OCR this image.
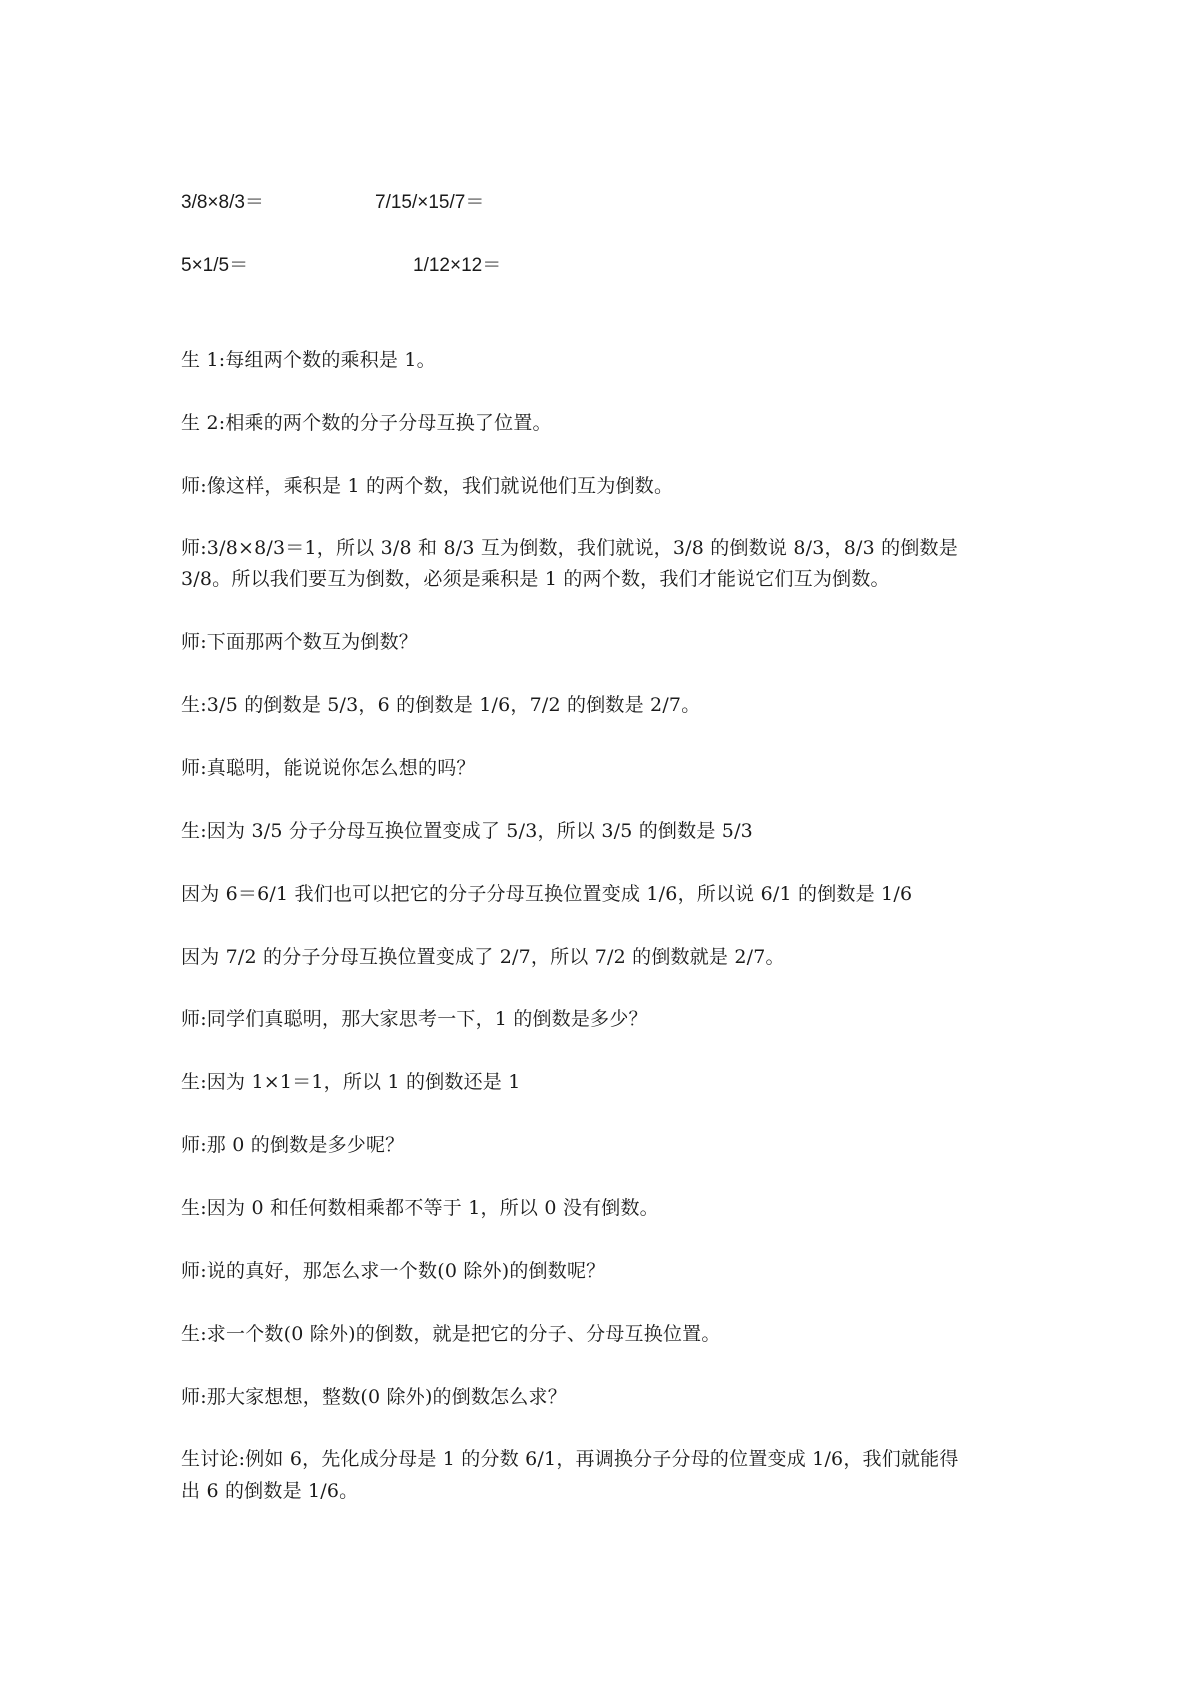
3/8×8/3＝	7/15/×15/7＝
5×1/5＝	1/12×12＝
生 1:每组两个数的乘积是 1。
生 2:相乘的两个数的分子分母互换了位置。
师:像这样，乘积是 1 的两个数，我们就说他们互为倒数。
师:3/8×8/3＝1，所以 3/8 和 8/3 互为倒数，我们就说，3/8 的倒数说 8/3，8/3 的倒数是
3/8。所以我们要互为倒数，必须是乘积是 1 的两个数，我们才能说它们互为倒数。
师:下面那两个数互为倒数？
生:3/5 的倒数是 5/3，6 的倒数是 1/6，7/2 的倒数是 2/7。
师:真聪明，能说说你怎么想的吗？
生:因为 3/5 分子分母互换位置变成了 5/3，所以 3/5 的倒数是 5/3
因为 6＝6/1 我们也可以把它的分子分母互换位置变成 1/6，所以说 6/1 的倒数是 1/6
因为 7/2 的分子分母互换位置变成了 2/7，所以 7/2 的倒数就是 2/7。
师:同学们真聪明，那大家思考一下，1 的倒数是多少？
生:因为 1×1＝1，所以 1 的倒数还是 1
师:那 0 的倒数是多少呢？
生:因为 0 和任何数相乘都不等于 1，所以 0 没有倒数。
师:说的真好，那怎么求一个数(0 除外)的倒数呢？
生:求一个数(0 除外)的倒数，就是把它的分子、分母互换位置。
师:那大家想想，整数(0 除外)的倒数怎么求？
生讨论:例如 6，先化成分母是 1 的分数 6/1，再调换分子分母的位置变成 1/6，我们就能得
出 6 的倒数是 1/6。
